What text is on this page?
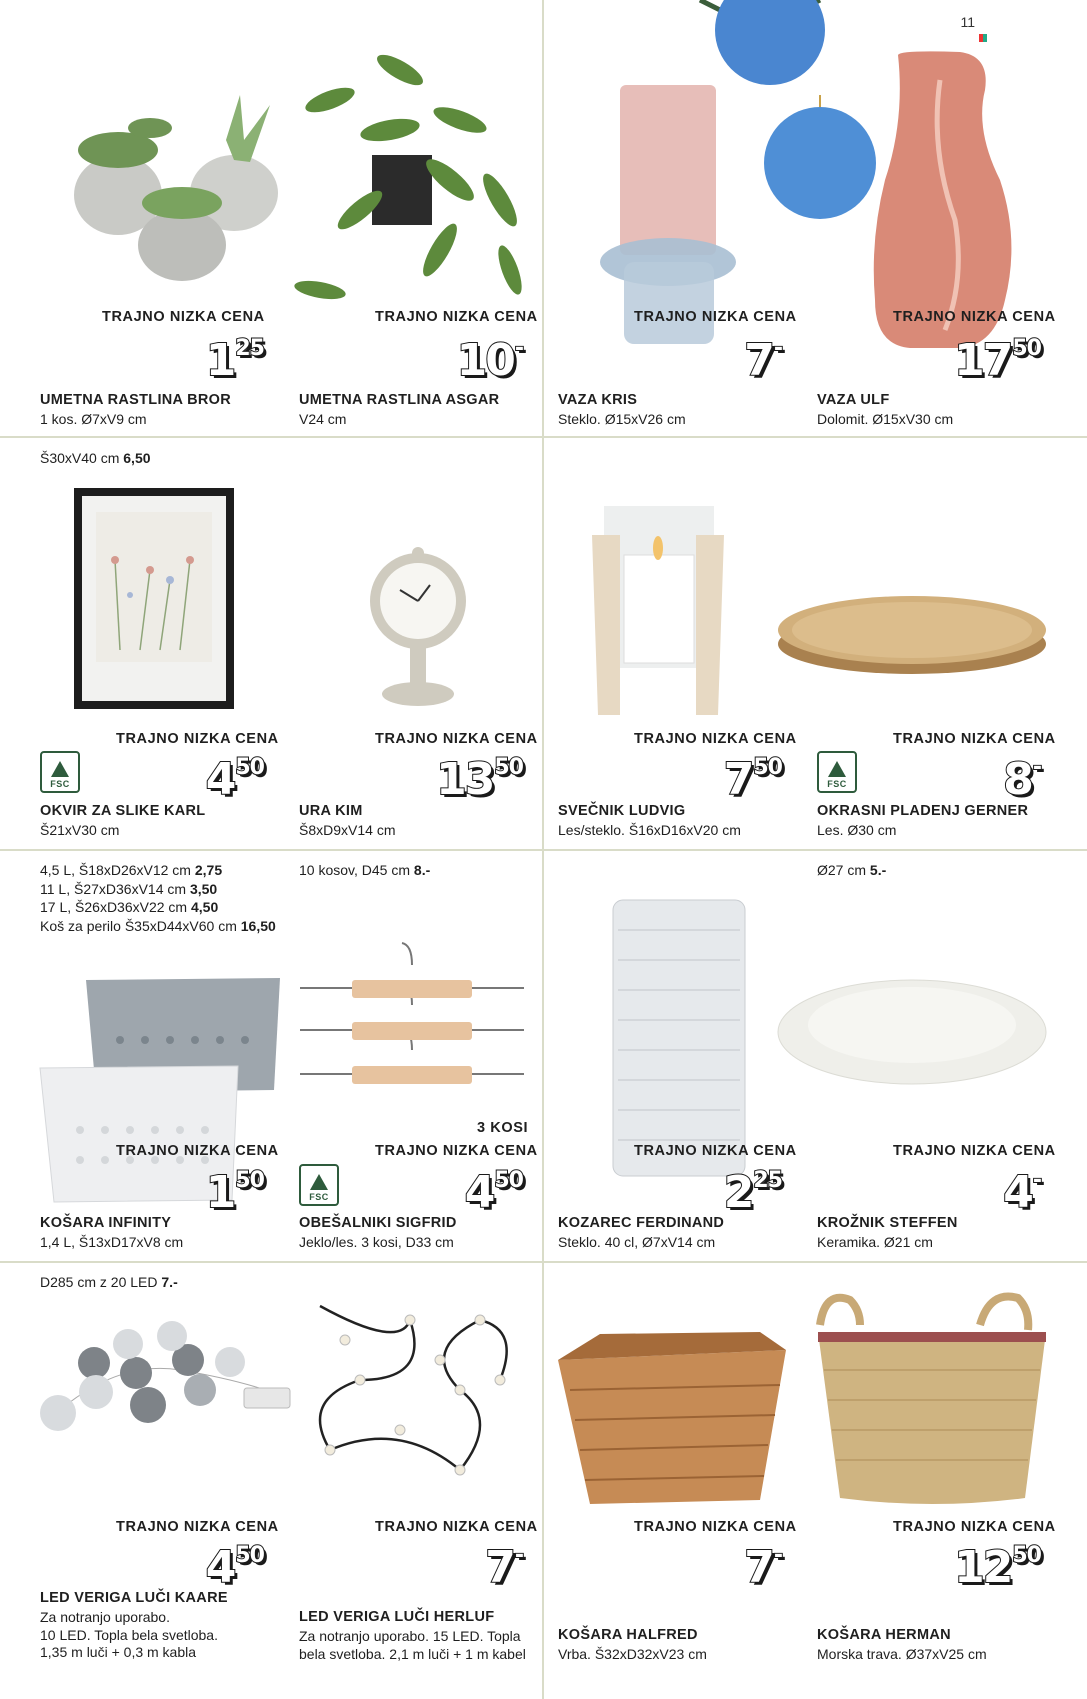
11
TRAJNO NIZKA CENA
125
UMETNA RASTLINA BROR
1 kos. Ø7xV9 cm
TRAJNO NIZKA CENA
10-
UMETNA RASTLINA ASGAR
V24 cm
TRAJNO NIZKA CENA
7-
VAZA KRIS
Steklo. Ø15xV26 cm
TRAJNO NIZKA CENA
1750
VAZA ULF
Dolomit. Ø15xV30 cm
Š30xV40 cm 6,50
TRAJNO NIZKA CENA
FSC	450
OKVIR ZA SLIKE KARL
Š21xV30 cm
TRAJNO NIZKA CENA
1350
URA KIM
Š8xD9xV14 cm
TRAJNO NIZKA CENA
750
SVEČNIK LUDVIG
Les/steklo. Š16xD16xV20 cm
TRAJNO NIZKA CENA
FSC	8-
OKRASNI PLADENJ GERNER
Les. Ø30 cm
4,5 L, Š18xD26xV12 cm 2,75
11 L, Š27xD36xV14 cm 3,50
17 L, Š26xD36xV22 cm 4,50
Koš za perilo Š35xD44xV60 cm 16,50
TRAJNO NIZKA CENA
150
KOŠARA INFINITY
1,4 L, Š13xD17xV8 cm
10 kosov, D45 cm 8.-
TRAJNO NIZKA CENA
3 KOSI
FSC	450
OBEŠALNIKI SIGFRID
Jeklo/les. 3 kosi, D33 cm
TRAJNO NIZKA CENA
225
KOZAREC FERDINAND
Steklo. 40 cl, Ø7xV14 cm
Ø27 cm 5.-
TRAJNO NIZKA CENA
4-
KROŽNIK STEFFEN
Keramika. Ø21 cm
D285 cm z 20 LED 7.-
TRAJNO NIZKA CENA
450
LED VERIGA LUČI KAARE
Za notranjo uporabo.
10 LED. Topla bela svetloba.
1,35 m luči + 0,3 m kabla
TRAJNO NIZKA CENA
7-
LED VERIGA LUČI HERLUF
Za notranjo uporabo. 15 LED. Topla
bela svetloba. 2,1 m luči + 1 m kabel
TRAJNO NIZKA CENA
7-
KOŠARA HALFRED
Vrba. Š32xD32xV23 cm
TRAJNO NIZKA CENA
1250
KOŠARA HERMAN
Morska trava. Ø37xV25 cm
